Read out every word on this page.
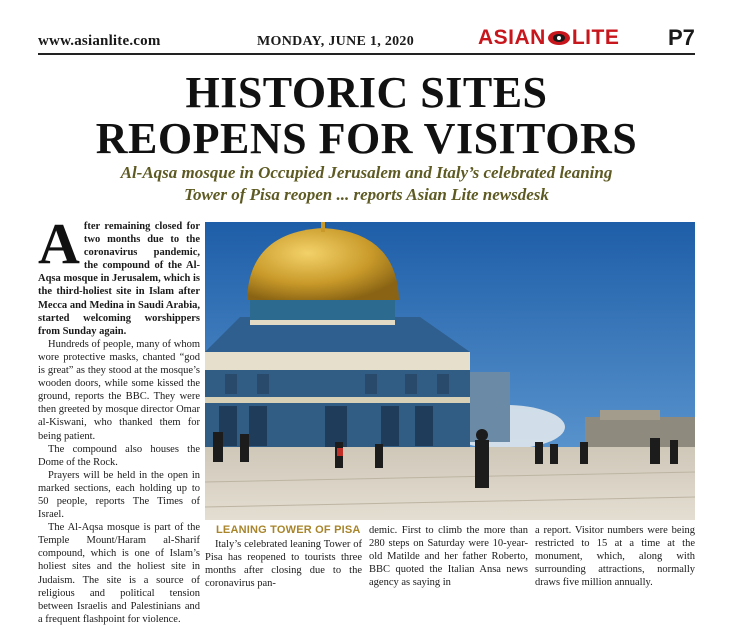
www.asianlite.com	MONDAY, JUNE 1, 2020	ASIAN LITE P7
HISTORIC SITES
REOPENS FOR VISITORS
Al-Aqsa mosque in Occupied Jerusalem and Italy’s celebrated leaning
Tower of Pisa reopen ... reports Asian Lite newsdesk
A fter remaining closed for two months due to the coronavirus pandemic, the compound of the Al-Aqsa mosque in Jerusalem, which is the third-holiest site in Islam after Mecca and Medina in Saudi Arabia, started welcoming worshippers from Sunday again.

Hundreds of people, many of whom wore protective masks, chanted “god is great” as they stood at the mosque’s wooden doors, while some kissed the ground, reports the BBC. They were then greeted by mosque director Omar al-Kiswani, who thanked them for being patient.

The compound also houses the Dome of the Rock.

Prayers will be held in the open in marked sections, each holding up to 50 people, reports The Times of Israel.

The Al-Aqsa mosque is part of the Temple Mount/Haram al-Sharif compound, which is one of Islam’s holiest sites and the holiest site in Judaism. The site is a source of religious and political tension between Israelis and Palestinians and a frequent flashpoint for violence.

LEANING TOWER OF PISA

Italy’s celebrated leaning Tower of Pisa has reopened to tourists three months after closing due to the coronavirus pan-

demic. First to climb the more than 280 steps on Saturday were 10-year-old Matilde and her father Roberto, BBC quoted the Italian Ansa news agency as saying in

a report. Visitor numbers were being restricted to 15 at a time at the monument, which, along with surrounding attractions, normally draws five million annually.
